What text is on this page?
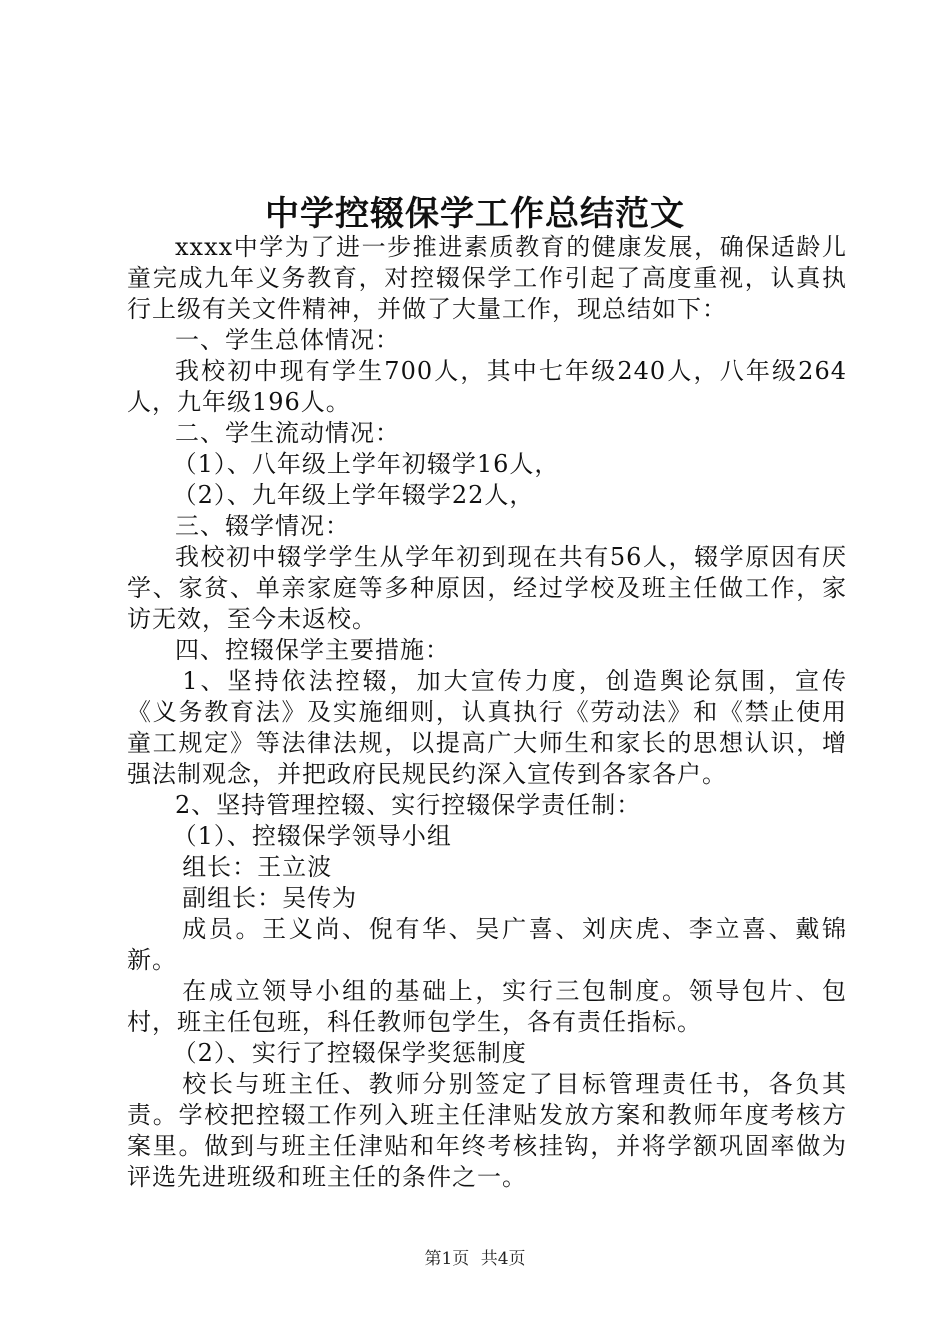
中学控辍保学工作总结范文

xxxx中学为了进一步推进素质教育的健康发展，确保适龄儿童完成九年义务教育，对控辍保学工作引起了高度重视，认真执行上级有关文件精神，并做了大量工作，现总结如下：

一、学生总体情况：

我校初中现有学生700人，其中七年级240人，八年级264人，九年级196人。

二、学生流动情况：

（1）、八年级上学年初辍学16人，

（2）、九年级上学年辍学22人，

三、辍学情况：

我校初中辍学学生从学年初到现在共有56人，辍学原因有厌学、家贫、单亲家庭等多种原因，经过学校及班主任做工作，家访无效，至今未返校。

四、控辍保学主要措施：

1、坚持依法控辍，加大宣传力度，创造舆论氛围，宣传《义务教育法》及实施细则，认真执行《劳动法》和《禁止使用童工规定》等法律法规，以提高广大师生和家长的思想认识，增强法制观念，并把政府民规民约深入宣传到各家各户。

2、坚持管理控辍、实行控辍保学责任制：

（1）、控辍保学领导小组

组长：王立波

副组长：吴传为

成员。王义尚、倪有华、吴广喜、刘庆虎、李立喜、戴锦新。

在成立领导小组的基础上，实行三包制度。领导包片、包村，班主任包班，科任教师包学生，各有责任指标。

（2）、实行了控辍保学奖惩制度

校长与班主任、教师分别签定了目标管理责任书，各负其责。学校把控辍工作列入班主任津贴发放方案和教师年度考核方案里。做到与班主任津贴和年终考核挂钩，并将学额巩固率做为评选先进班级和班主任的条件之一。

第1页 共4页
